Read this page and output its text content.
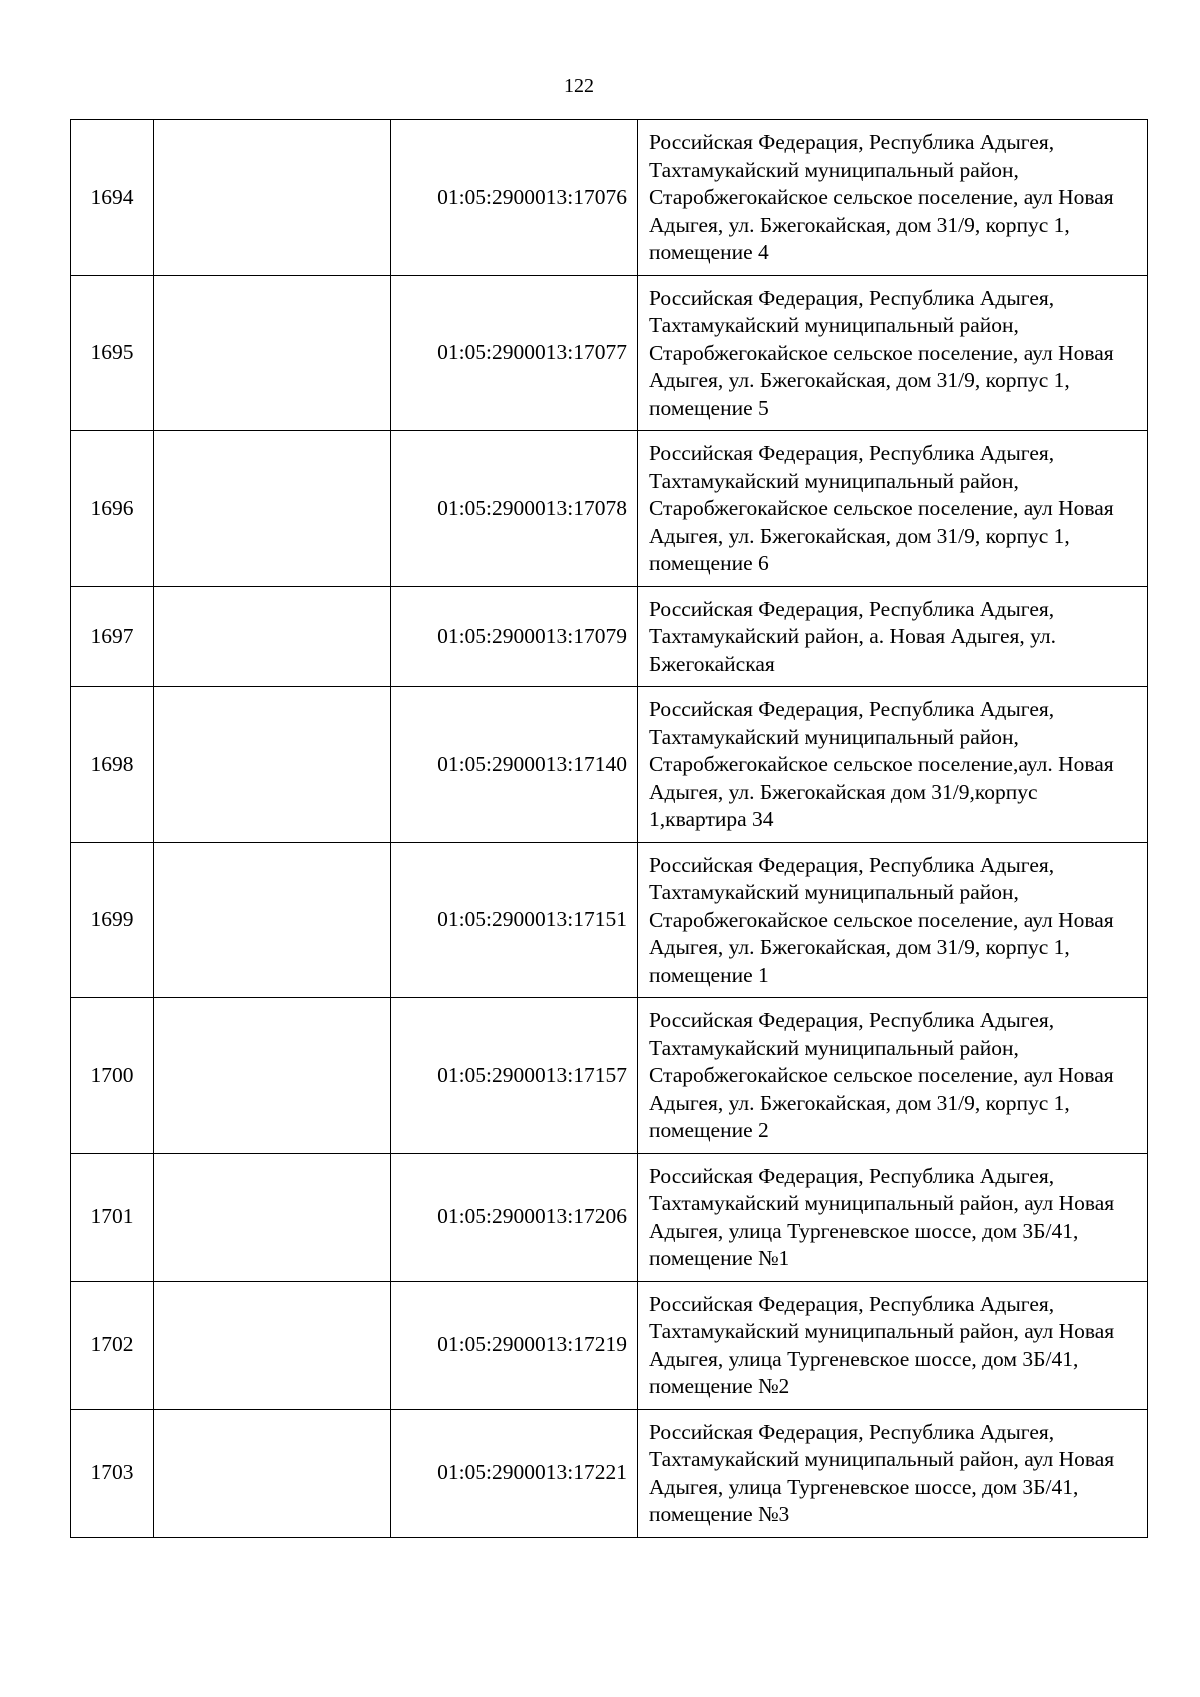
122
1694		01:05:2900013:17076	Российская Федерация, Республика Адыгея, Тахтамукайский муниципальный район, Старобжегокайское сельское поселение, аул Новая Адыгея, ул. Бжегокайская, дом 31/9, корпус 1, помещение 4
1695		01:05:2900013:17077	Российская Федерация, Республика Адыгея, Тахтамукайский муниципальный район, Старобжегокайское сельское поселение, аул Новая Адыгея, ул. Бжегокайская, дом 31/9, корпус 1, помещение 5
1696		01:05:2900013:17078	Российская Федерация, Республика Адыгея, Тахтамукайский муниципальный район, Старобжегокайское сельское поселение, аул Новая Адыгея, ул. Бжегокайская, дом 31/9, корпус 1, помещение 6
1697		01:05:2900013:17079	Российская Федерация, Республика Адыгея, Тахтамукайский район, а. Новая Адыгея, ул. Бжегокайская
1698		01:05:2900013:17140	Российская Федерация, Республика Адыгея, Тахтамукайский муниципальный район, Старобжегокайское сельское поселение,аул. Новая Адыгея, ул. Бжегокайская дом 31/9,корпус 1,квартира 34
1699		01:05:2900013:17151	Российская Федерация, Республика Адыгея, Тахтамукайский муниципальный район, Старобжегокайское сельское поселение, аул Новая Адыгея, ул. Бжегокайская, дом 31/9, корпус 1, помещение 1
1700		01:05:2900013:17157	Российская Федерация, Республика Адыгея, Тахтамукайский муниципальный район, Старобжегокайское сельское поселение, аул Новая Адыгея, ул. Бжегокайская, дом 31/9, корпус 1, помещение 2
1701		01:05:2900013:17206	Российская Федерация, Республика Адыгея, Тахтамукайский муниципальный район, аул Новая Адыгея, улица Тургеневское шоссе, дом 3Б/41, помещение №1
1702		01:05:2900013:17219	Российская Федерация, Республика Адыгея, Тахтамукайский муниципальный район, аул Новая Адыгея, улица Тургеневское шоссе, дом 3Б/41, помещение №2
1703		01:05:2900013:17221	Российская Федерация, Республика Адыгея, Тахтамукайский муниципальный район, аул Новая Адыгея, улица Тургеневское шоссе, дом 3Б/41, помещение №3
